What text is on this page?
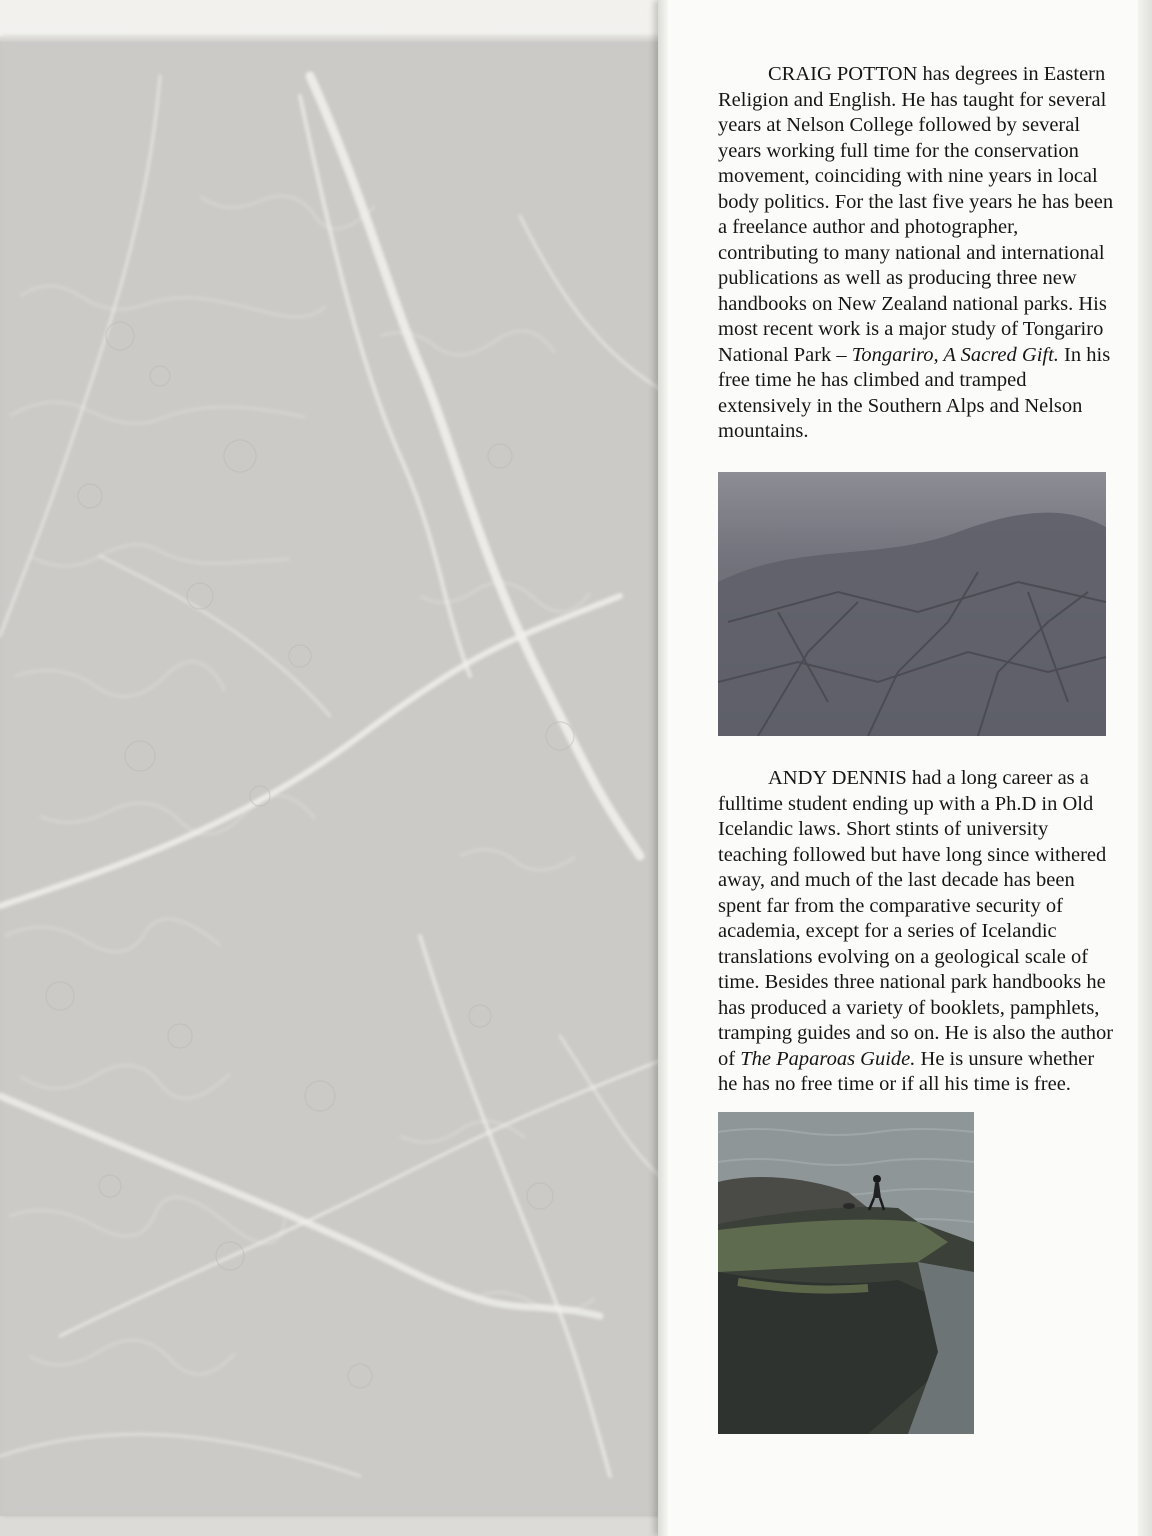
CRAIG POTTON has degrees in Eastern Religion and English. He has taught for several years at Nelson College followed by several years working full time for the conservation movement, coinciding with nine years in local body politics. For the last five years he has been a freelance author and photographer, contributing to many national and international publications as well as producing three new handbooks on New Zealand national parks. His most recent work is a major study of Tongariro National Park – Tongariro, A Sacred Gift. In his free time he has climbed and tramped extensively in the Southern Alps and Nelson mountains.

ANDY DENNIS had a long career as a fulltime student ending up with a Ph.D in Old Icelandic laws. Short stints of university teaching followed but have long since withered away, and much of the last decade has been spent far from the comparative security of academia, except for a series of Icelandic translations evolving on a geological scale of time. Besides three national park handbooks he has produced a variety of booklets, pamphlets, tramping guides and so on. He is also the author of The Paparoas Guide. He is unsure whether he has no free time or if all his time is free.
